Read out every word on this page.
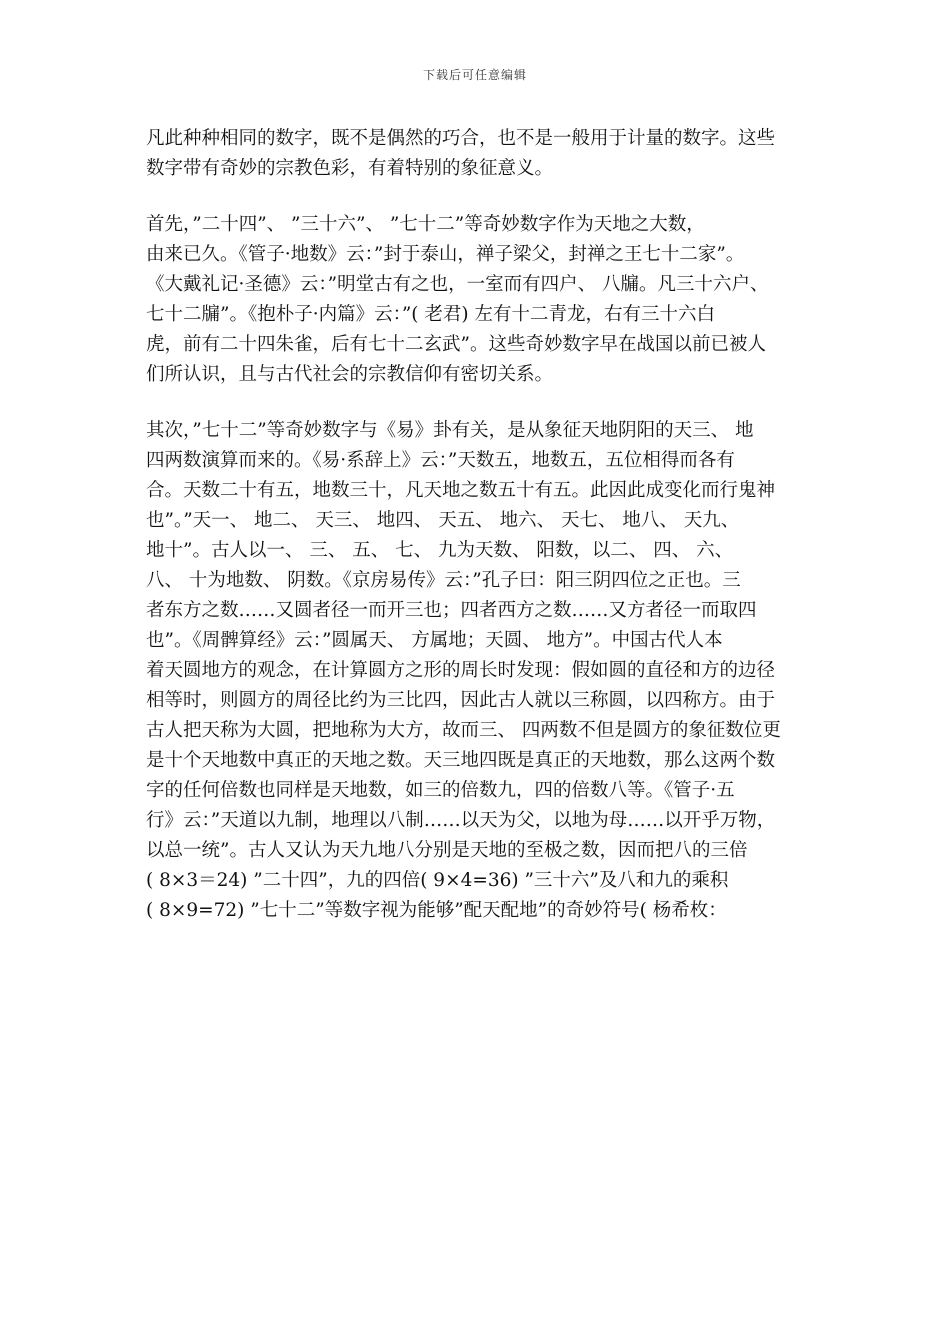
下载后可任意编辑
凡此种种相同的数字，既不是偶然的巧合，也不是一般用于计量的数字。这些
数字带有奇妙的宗教色彩，有着特别的象征意义。
首先，”二十四”、 ”三十六”、 ”七十二”等奇妙数字作为天地之大数，
由来已久。《管子·地数》云：”封于泰山，禅子梁父，封禅之王七十二家”。
《大戴礼记·圣德》云：”明堂古有之也，一室而有四户、 八牖。凡三十六户、
七十二牖”。《抱朴子·内篇》云：”( 老君) 左有十二青龙，右有三十六白
虎，前有二十四朱雀，后有七十二玄武”。这些奇妙数字早在战国以前已被人
们所认识，且与古代社会的宗教信仰有密切关系。
其次，”七十二”等奇妙数字与《易》卦有关，是从象征天地阴阳的天三、 地
四两数演算而来的。《易·系辞上》云：”天数五，地数五，五位相得而各有
合。天数二十有五，地数三十，凡天地之数五十有五。此因此成变化而行鬼神
也”。”天一、 地二、 天三、 地四、 天五、 地六、 天七、 地八、 天九、
地十”。古人以一、 三、 五、 七、 九为天数、 阳数，以二、 四、 六、
八、 十为地数、 阴数。《京房易传》云：”孔子曰：阳三阴四位之正也。三
者东方之数……又圆者径一而开三也；四者西方之数……又方者径一而取四
也”。《周髀算经》云：”圆属天、 方属地；天圆、 地方”。中国古代人本
着天圆地方的观念，在计算圆方之形的周长时发现：假如圆的直径和方的边径
相等时，则圆方的周径比约为三比四，因此古人就以三称圆，以四称方。由于
古人把天称为大圆，把地称为大方，故而三、 四两数不但是圆方的象征数位更
是十个天地数中真正的天地之数。天三地四既是真正的天地数，那么这两个数
字的任何倍数也同样是天地数，如三的倍数九，四的倍数八等。《管子·五
行》云：”天道以九制，地理以八制……以天为父，以地为母……以开乎万物，
以总一统”。古人又认为天九地八分别是天地的至极之数，因而把八的三倍
( 8×3＝24) ”二十四”，九的四倍( 9×4=36) ”三十六”及八和九的乘积
( 8×9=72) ”七十二”等数字视为能够”配天配地”的奇妙符号( 杨希枚：
